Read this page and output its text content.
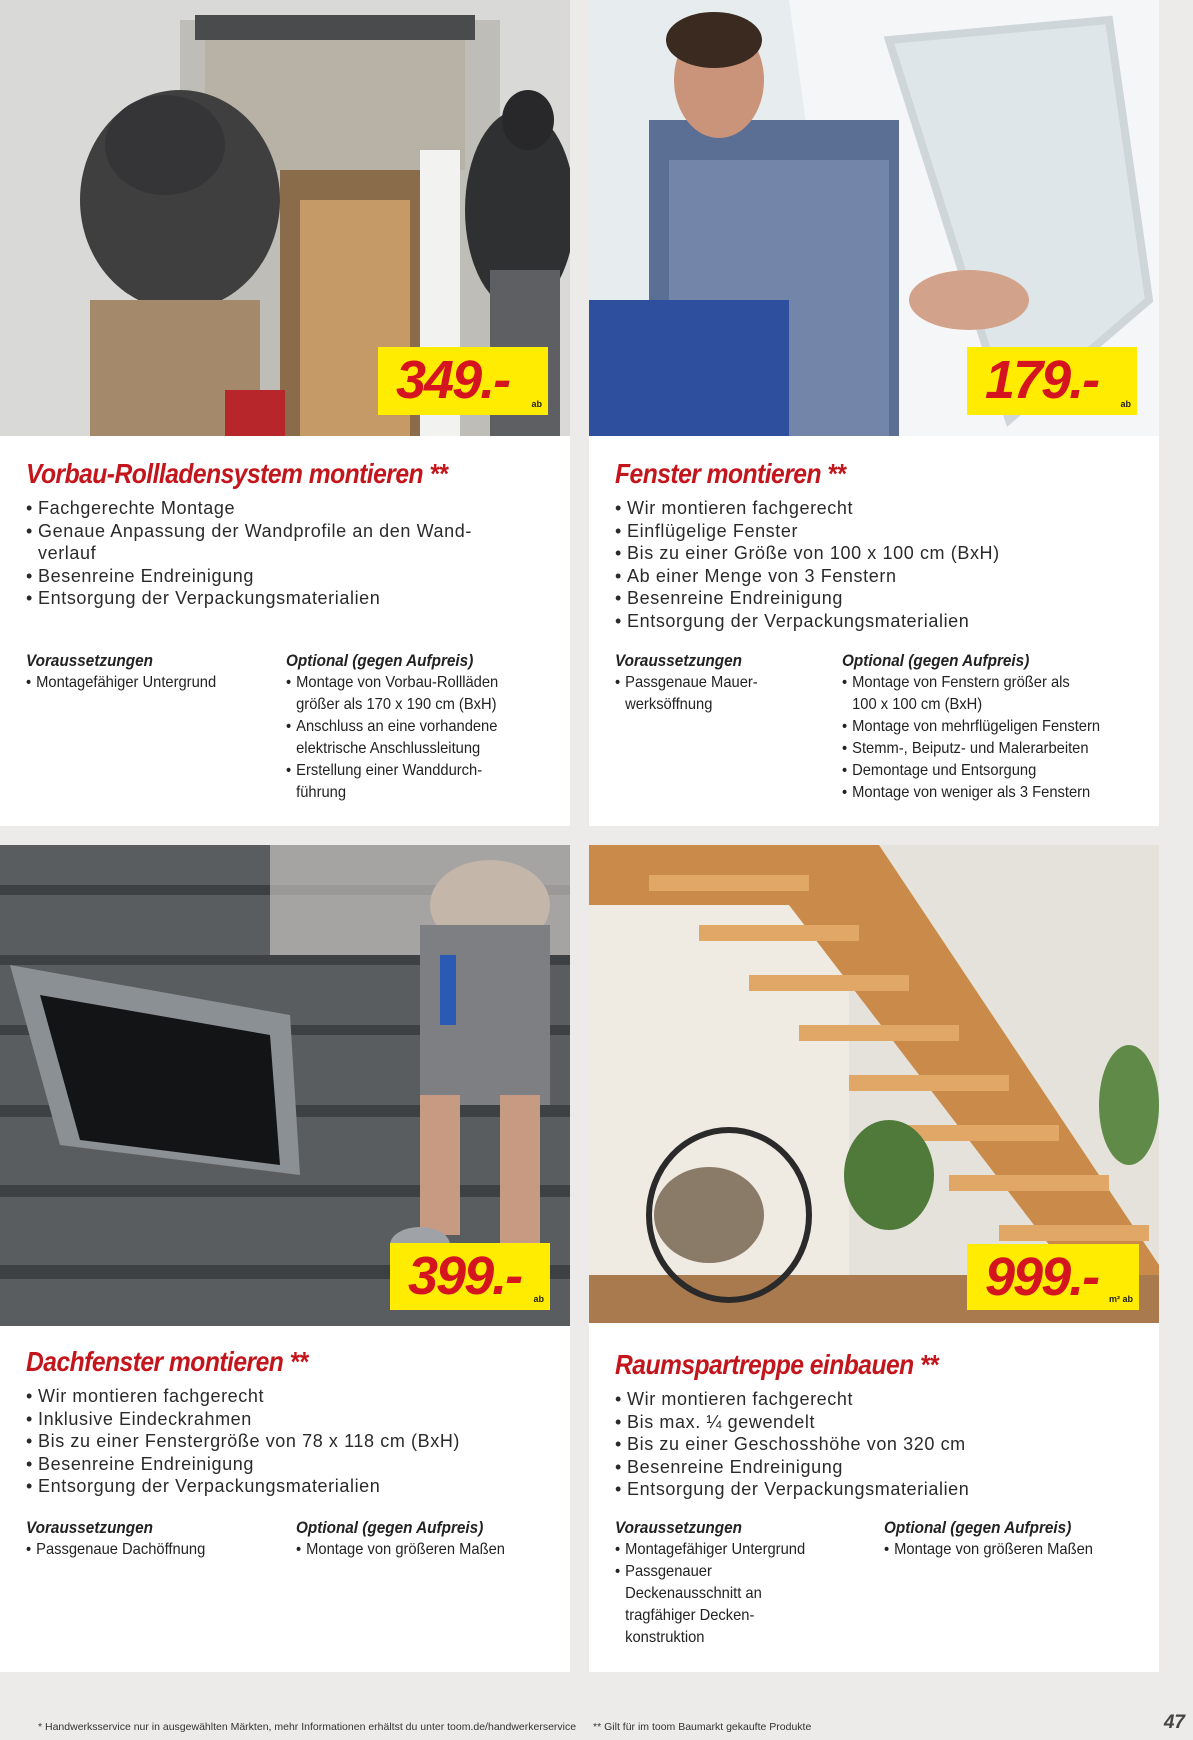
349.- ab
Vorbau-Rollladensystem montieren **
• Fachgerechte Montage
• Genaue Anpassung der Wandprofile an den Wand-verlauf
• Besenreine Endreinigung
• Entsorgung der Verpackungsmaterialien
Voraussetzungen
• Montagefähiger Untergrund
Optional (gegen Aufpreis)
• Montage von Vorbau-Rollläden größer als 170 x 190 cm (BxH)
• Anschluss an eine vorhandene elektrische Anschlussleitung
• Erstellung einer Wanddurch-führung
179.- ab
Fenster montieren **
• Wir montieren fachgerecht
• Einflügelige Fenster
• Bis zu einer Größe von 100 x 100 cm (BxH)
• Ab einer Menge von 3 Fenstern
• Besenreine Endreinigung
• Entsorgung der Verpackungsmaterialien
Voraussetzungen
• Passgenaue Mauer-werksöffnung
Optional (gegen Aufpreis)
• Montage von Fenstern größer als 100 x 100 cm (BxH)
• Montage von mehrflügeligen Fenstern
• Stemm-, Beiputz- und Malerarbeiten
• Demontage und Entsorgung
• Montage von weniger als 3 Fenstern
399.- ab
Dachfenster montieren **
• Wir montieren fachgerecht
• Inklusive Eindeckrahmen
• Bis zu einer Fenstergröße von 78 x 118 cm (BxH)
• Besenreine Endreinigung
• Entsorgung der Verpackungsmaterialien
Voraussetzungen
• Passgenaue Dachöffnung
Optional (gegen Aufpreis)
• Montage von größeren Maßen
999.- m² ab
Raumspartreppe einbauen **
• Wir montieren fachgerecht
• Bis max. ¼ gewendelt
• Bis zu einer Geschosshöhe von 320 cm
• Besenreine Endreinigung
• Entsorgung der Verpackungsmaterialien
Voraussetzungen
• Montagefähiger Untergrund
• Passgenauer Deckenausschnitt an tragfähiger Decken-konstruktion
Optional (gegen Aufpreis)
• Montage von größeren Maßen
* Handwerksservice nur in ausgewählten Märkten, mehr Informationen erhältst du unter toom.de/handwerkerservice ** Gilt für im toom Baumarkt gekaufte Produkte	47
